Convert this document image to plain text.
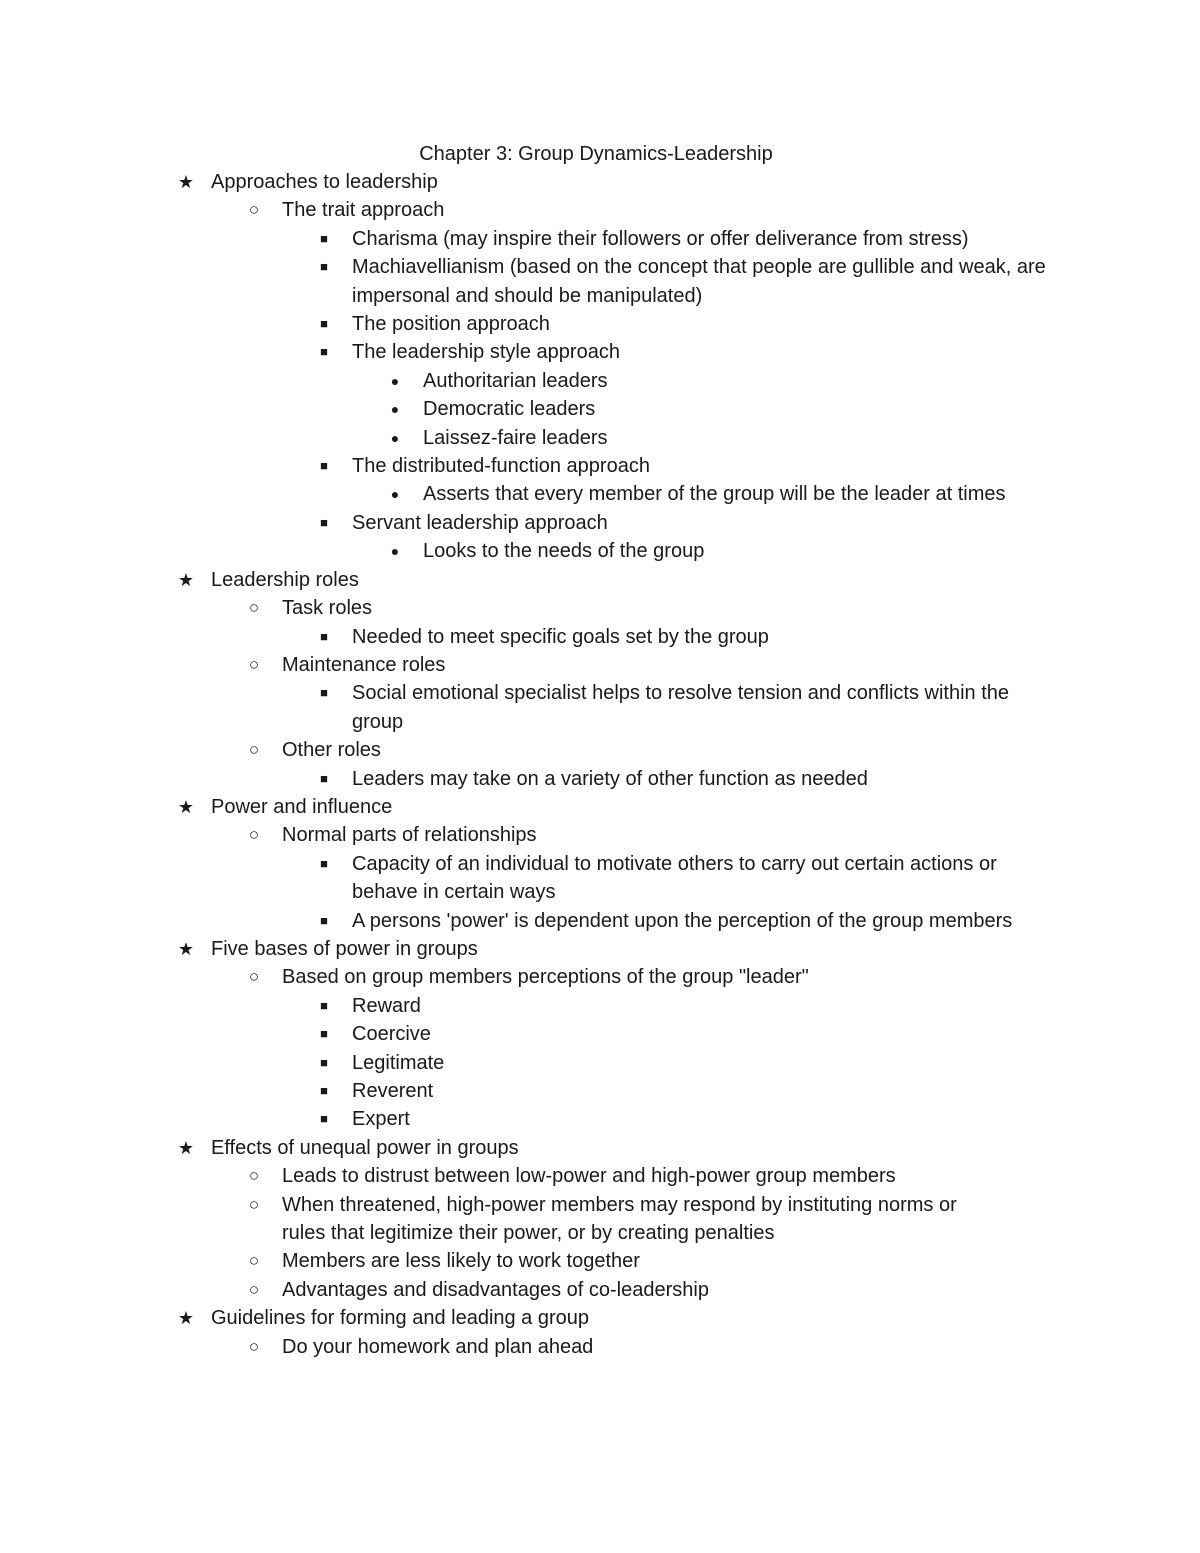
Chapter 3: Group Dynamics-Leadership
★ Approaches to leadership
○ The trait approach
■	Charisma (may inspire their followers or offer deliverance from stress)
■	Machiavellianism (based on the concept that people are gullible and weak, are impersonal and should be manipulated)
■	The position approach
■	The leadership style approach
● Authoritarian leaders
● Democratic leaders
● Laissez-faire leaders
■	The distributed-function approach
● Asserts that every member of the group will be the leader at times
■	Servant leadership approach
● Looks to the needs of the group
★ Leadership roles
○ Task roles
■	Needed to meet specific goals set by the group
○ Maintenance roles
■	Social emotional specialist helps to resolve tension and conflicts within the group
○ Other roles
■	Leaders may take on a variety of other function as needed
★ Power and influence
○ Normal parts of relationships
■	Capacity of an individual to motivate others to carry out certain actions or behave in certain ways
■	A persons 'power' is dependent upon the perception of the group members
★ Five bases of power in groups
○ Based on group members perceptions of the group "leader"
■	Reward
■	Coercive
■	Legitimate
■	Reverent
■	Expert
★ Effects of unequal power in groups
○ Leads to distrust between low-power and high-power group members
○ When threatened, high-power members may respond by instituting norms or rules that legitimize their power, or by creating penalties
○ Members are less likely to work together
○ Advantages and disadvantages of co-leadership
★ Guidelines for forming and leading a group
○ Do your homework and plan ahead
